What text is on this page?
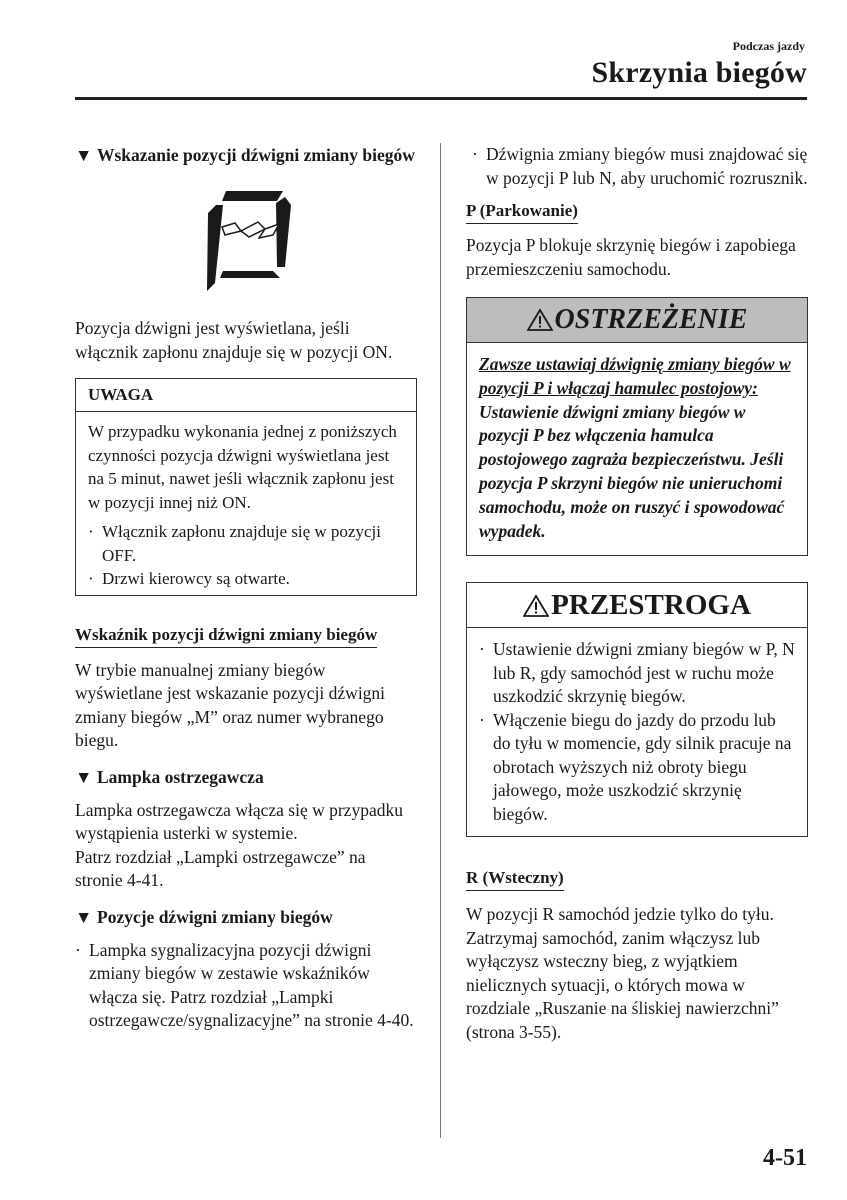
Podczas jazdy
Skrzynia biegów
▼ Wskazanie pozycji dźwigni zmiany biegów
P

Pozycja dźwigni jest wyświetlana, jeśli włącznik zapłonu znajduje się w pozycji ON.

UWAGA
W przypadku wykonania jednej z poniższych czynności pozycja dźwigni wyświetlana jest na 5 minut, nawet jeśli włącznik zapłonu jest w pozycji innej niż ON.
· Włącznik zapłonu znajduje się w pozycji OFF.
· Drzwi kierowcy są otwarte.
Wskaźnik pozycji dźwigni zmiany biegów

W trybie manualnej zmiany biegów wyświetlane jest wskazanie pozycji dźwigni zmiany biegów „M” oraz numer wybranego biegu.

▼ Lampka ostrzegawcza

Lampka ostrzegawcza włącza się w przypadku wystąpienia usterki w systemie.

Patrz rozdział „Lampki ostrzegawcze” na stronie 4-41.

▼ Pozycje dźwigni zmiany biegów
· Lampka sygnalizacyjna pozycji dźwigni zmiany biegów w zestawie wskaźników włącza się. Patrz rozdział „Lampki ostrzegawcze/sygnalizacyjne” na stronie 4-40.
· Dźwignia zmiany biegów musi znajdować się w pozycji P lub N, aby uruchomić rozrusznik.
P (Parkowanie)

Pozycja P blokuje skrzynię biegów i zapobiega przemieszczeniu samochodu.

OSTRZEŻENIE
Zawsze ustawiaj dźwignię zmiany biegów w pozycji P i włączaj hamulec postojowy:
Ustawienie dźwigni zmiany biegów w pozycji P bez włączenia hamulca postojowego zagraża bezpieczeństwu. Jeśli pozycja P skrzyni biegów nie unieruchomi samochodu, może on ruszyć i spowodować wypadek.
PRZESTROGA
· Ustawienie dźwigni zmiany biegów w P, N lub R, gdy samochód jest w ruchu może uszkodzić skrzynię biegów.
· Włączenie biegu do jazdy do przodu lub do tyłu w momencie, gdy silnik pracuje na obrotach wyższych niż obroty biegu jałowego, może uszkodzić skrzynię biegów.
R (Wsteczny)

W pozycji R samochód jedzie tylko do tyłu. Zatrzymaj samochód, zanim włączysz lub wyłączysz wsteczny bieg, z wyjątkiem nielicznych sytuacji, o których mowa w rozdziale „Ruszanie na śliskiej nawierzchni” (strona 3-55).

4-51
